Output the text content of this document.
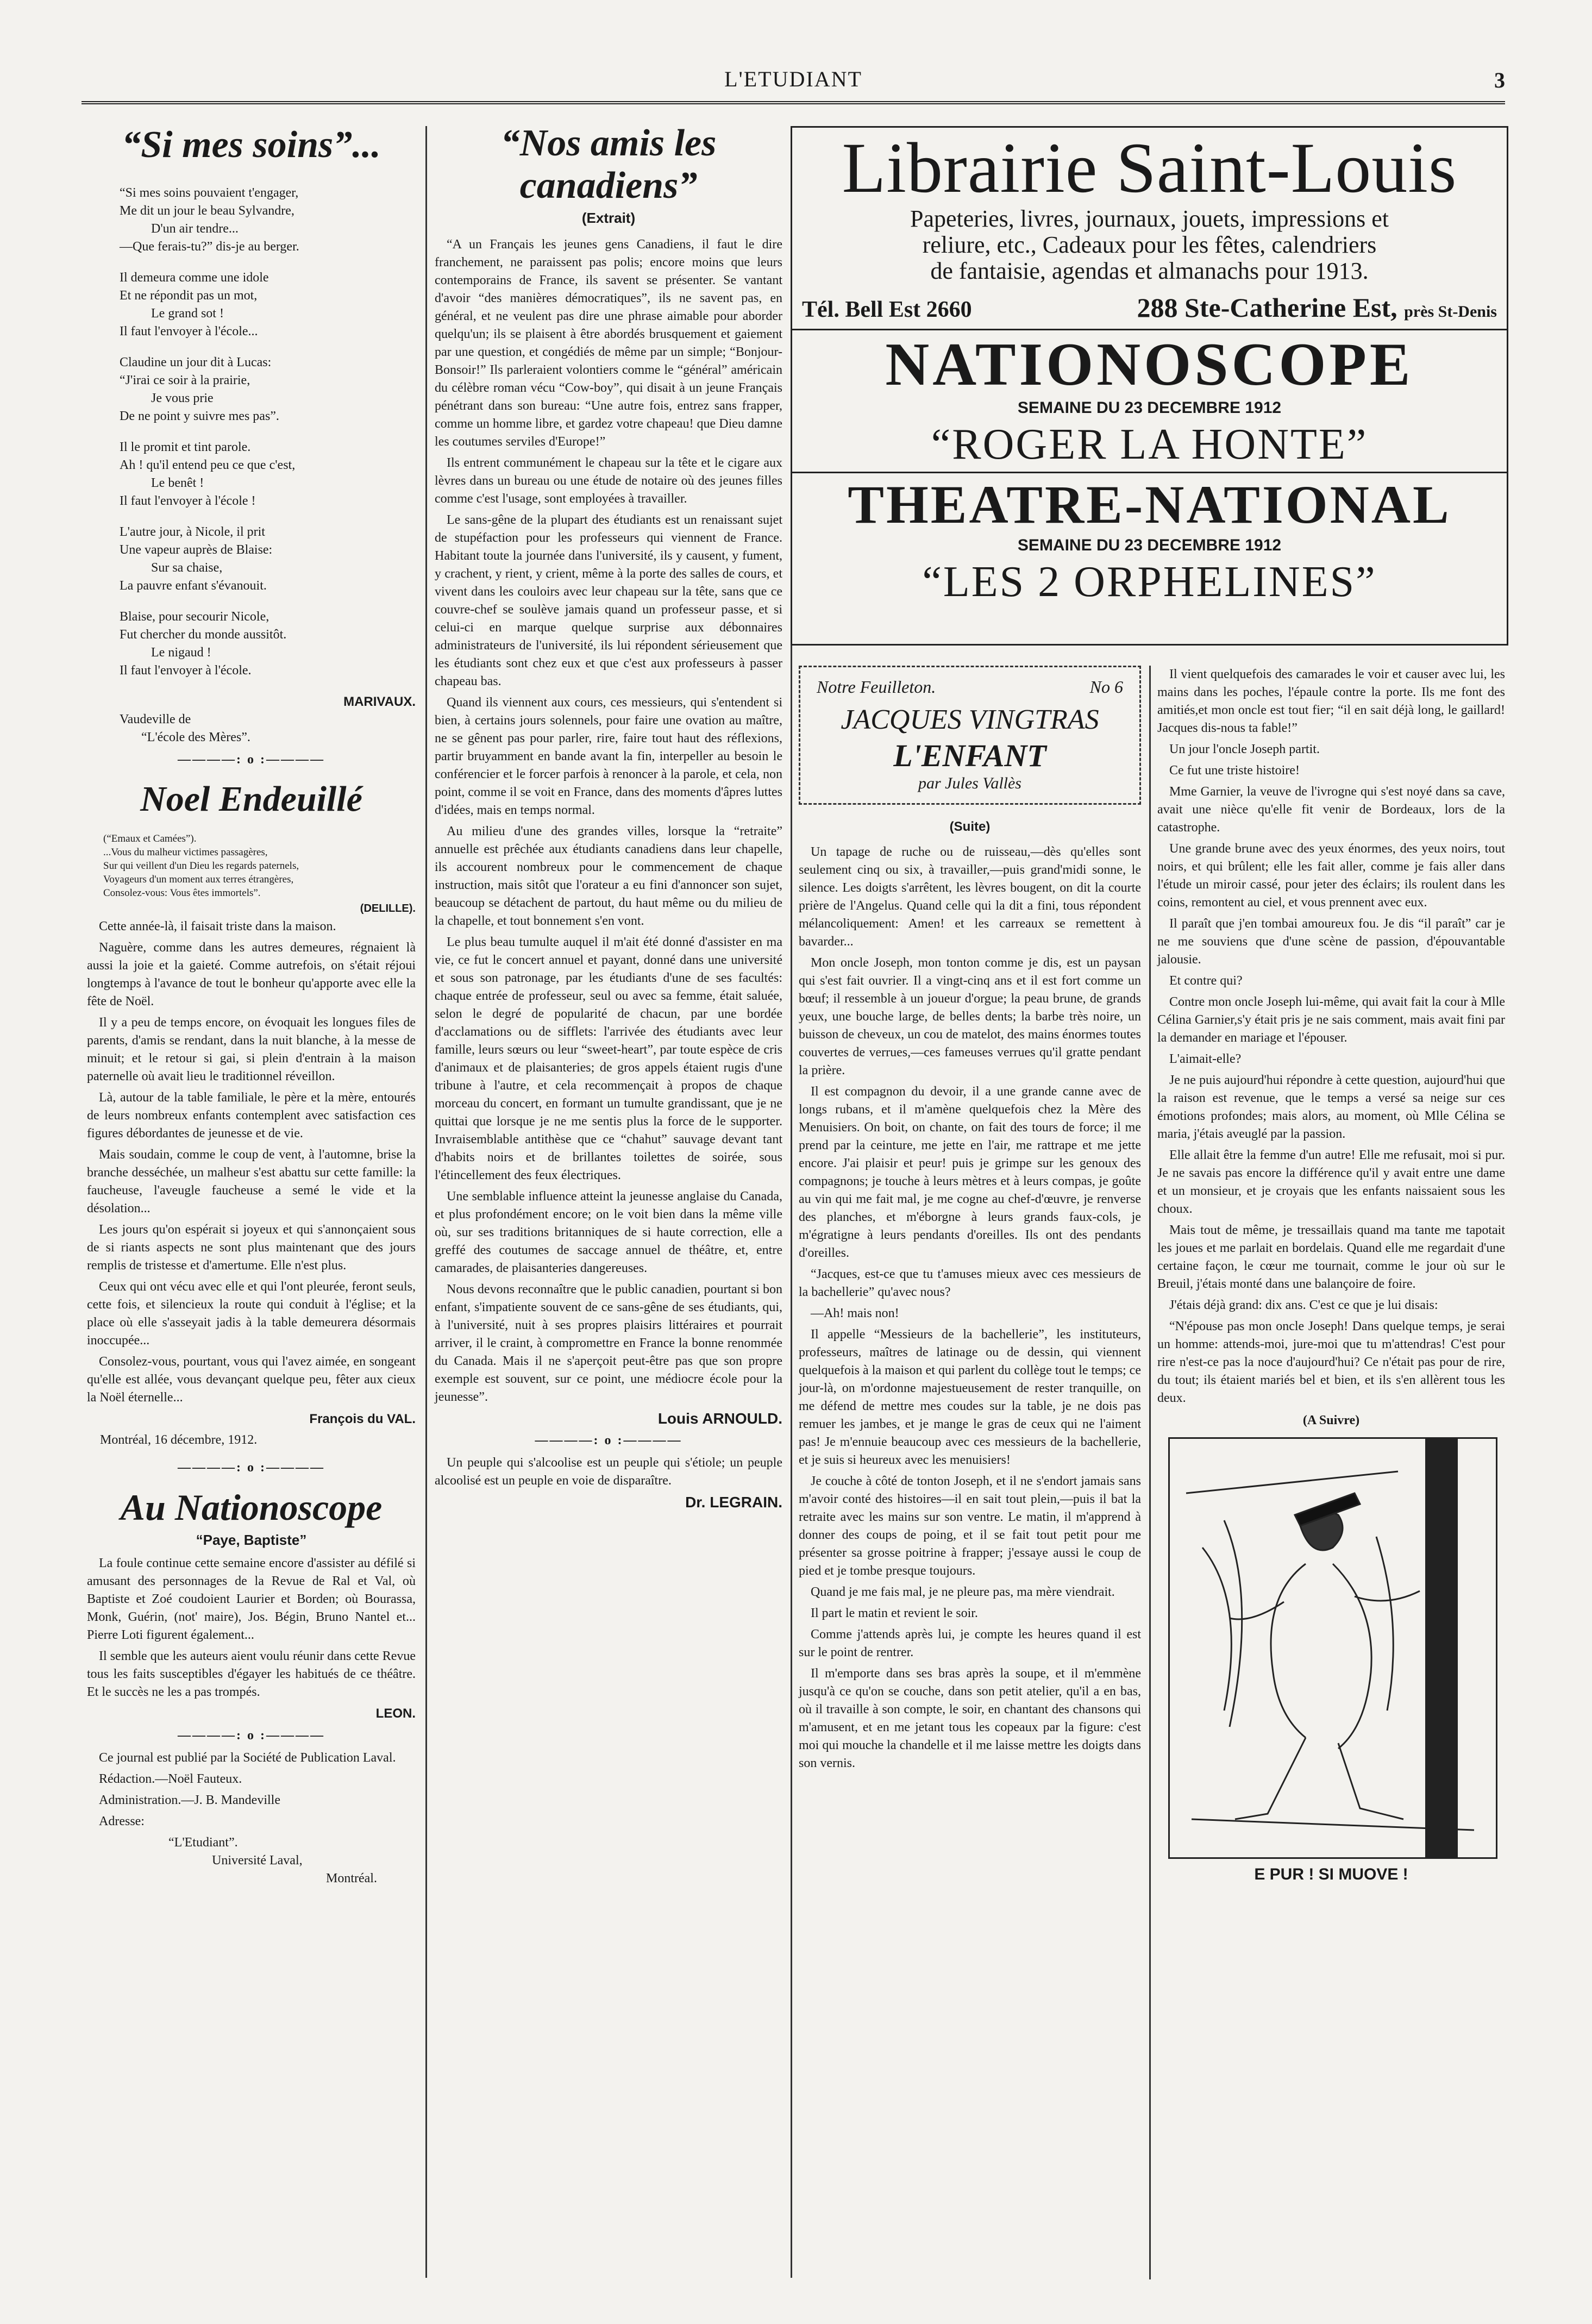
L'ETUDIANT	3
“Si mes soins”...

“Si mes soins pouvaient t'engager,

Me dit un jour le beau Sylvandre,

D'un air tendre...

—Que ferais-tu?” dis-je au berger.

Il demeura comme une idole

Et ne répondit pas un mot,

Le grand sot !

Il faut l'envoyer à l'école...

Claudine un jour dit à Lucas:

“J'irai ce soir à la prairie,

Je vous prie

De ne point y suivre mes pas”.

Il le promit et tint parole.

Ah ! qu'il entend peu ce que c'est,

Le benêt !

Il faut l'envoyer à l'école !

L'autre jour, à Nicole, il prit

Une vapeur auprès de Blaise:

Sur sa chaise,

La pauvre enfant s'évanouit.

Blaise, pour secourir Nicole,

Fut chercher du monde aussitôt.

Le nigaud !

Il faut l'envoyer à l'école.

MARIVAUX.
Vaudeville de
“L'école des Mères”.
————: o :————
Noel Endeuillé
(“Emaux et Camées”).
...Vous du malheur victimes passagères,
Sur qui veillent d'un Dieu les regards paternels,
Voyageurs d'un moment aux terres étrangères,
Consolez-vous: Vous êtes immortels”.
(DELILLE).

Cette année-là, il faisait triste dans la maison.

Naguère, comme dans les autres demeures, régnaient là aussi la joie et la gaieté. Comme autrefois, on s'était réjoui longtemps à l'avance de tout le bonheur qu'apporte avec elle la fête de Noël.

Il y a peu de temps encore, on évoquait les longues files de parents, d'amis se rendant, dans la nuit blanche, à la messe de minuit; et le retour si gai, si plein d'entrain à la maison paternelle où avait lieu le traditionnel réveillon.

Là, autour de la table familiale, le père et la mère, entourés de leurs nombreux enfants contemplent avec satisfaction ces figures débordantes de jeunesse et de vie.

Mais soudain, comme le coup de vent, à l'automne, brise la branche desséchée, un malheur s'est abattu sur cette famille: la faucheuse, l'aveugle faucheuse a semé le vide et la désolation...

Les jours qu'on espérait si joyeux et qui s'annonçaient sous de si riants aspects ne sont plus maintenant que des jours remplis de tristesse et d'amertume. Elle n'est plus.

Ceux qui ont vécu avec elle et qui l'ont pleurée, feront seuls, cette fois, et silencieux la route qui conduit à l'église; et la place où elle s'asseyait jadis à la table demeurera désormais inoccupée...

Consolez-vous, pourtant, vous qui l'avez aimée, en songeant qu'elle est allée, vous devançant quelque peu, fêter aux cieux la Noël éternelle...

François du VAL.
Montréal, 16 décembre, 1912.
————: o :————
Au Nationoscope
“Paye, Baptiste”

La foule continue cette semaine encore d'assister au défilé si amusant des personnages de la Revue de Ral et Val, où Baptiste et Zoé coudoient Laurier et Borden; où Bourassa, Monk, Guérin, (not' maire), Jos. Bégin, Bruno Nantel et... Pierre Loti figurent également...

Il semble que les auteurs aient voulu réunir dans cette Revue tous les faits susceptibles d'égayer les habitués de ce théâtre. Et le succès ne les a pas trompés.

LEON.
————: o :————

Ce journal est publié par la Société de Publication Laval.

Rédaction.—Noël Fauteux.

Administration.—J. B. Mandeville

Adresse:

“L'Etudiant”.
Université Laval,
Montréal.
“Nos amis les canadiens”
(Extrait)

“A un Français les jeunes gens Canadiens, il faut le dire franchement, ne paraissent pas polis; encore moins que leurs contemporains de France, ils savent se présenter. Se vantant d'avoir “des manières démocratiques”, ils ne savent pas, en général, et ne veulent pas dire une phrase aimable pour aborder quelqu'un; ils se plaisent à être abordés brusquement et gaiement par une question, et congédiés de même par un simple; “Bonjour-Bonsoir!” Ils parleraient volontiers comme le “général” américain du célèbre roman vécu “Cow-boy”, qui disait à un jeune Français pénétrant dans son bureau: “Une autre fois, entrez sans frapper, comme un homme libre, et gardez votre chapeau! que Dieu damne les coutumes serviles d'Europe!”

Ils entrent communément le chapeau sur la tête et le cigare aux lèvres dans un bureau ou une étude de notaire où des jeunes filles comme c'est l'usage, sont employées à travailler.

Le sans-gêne de la plupart des étudiants est un renaissant sujet de stupéfaction pour les professeurs qui viennent de France. Habitant toute la journée dans l'université, ils y causent, y fument, y crachent, y rient, y crient, même à la porte des salles de cours, et vivent dans les couloirs avec leur chapeau sur la tête, sans que ce couvre-chef se soulève jamais quand un professeur passe, et si celui-ci en marque quelque surprise aux débonnaires administrateurs de l'université, ils lui répondent sérieusement que les étudiants sont chez eux et que c'est aux professeurs à passer chapeau bas.

Quand ils viennent aux cours, ces messieurs, qui s'entendent si bien, à certains jours solennels, pour faire une ovation au maître, ne se gênent pas pour parler, rire, faire tout haut des réflexions, partir bruyamment en bande avant la fin, interpeller au besoin le conférencier et le forcer parfois à renoncer à la parole, et cela, non point, comme il se voit en France, dans des moments d'âpres luttes d'idées, mais en temps normal.

Au milieu d'une des grandes villes, lorsque la “retraite” annuelle est prêchée aux étudiants canadiens dans leur chapelle, ils accourent nombreux pour le commencement de chaque instruction, mais sitôt que l'orateur a eu fini d'annoncer son sujet, beaucoup se détachent de partout, du haut même ou du milieu de la chapelle, et tout bonnement s'en vont.

Le plus beau tumulte auquel il m'ait été donné d'assister en ma vie, ce fut le concert annuel et payant, donné dans une université et sous son patronage, par les étudiants d'une de ses facultés: chaque entrée de professeur, seul ou avec sa femme, était saluée, selon le degré de popularité de chacun, par une bordée d'acclamations ou de sifflets: l'arrivée des étudiants avec leur famille, leurs sœurs ou leur “sweet-heart”, par toute espèce de cris d'animaux et de plaisanteries; de gros appels étaient rugis d'une tribune à l'autre, et cela recommençait à propos de chaque morceau du concert, en formant un tumulte grandissant, que je ne quittai que lorsque je ne me sentis plus la force de le supporter. Invraisemblable antithèse que ce “chahut” sauvage devant tant d'habits noirs et de brillantes toilettes de soirée, sous l'étincellement des feux électriques.

Une semblable influence atteint la jeunesse anglaise du Canada, et plus profondément encore; on le voit bien dans la même ville où, sur ses traditions britanniques de si haute correction, elle a greffé des coutumes de saccage annuel de théâtre, et, entre camarades, de plaisanteries dangereuses.

Nous devons reconnaître que le public canadien, pourtant si bon enfant, s'impatiente souvent de ce sans-gêne de ses étudiants, qui, à l'université, nuit à ses propres plaisirs littéraires et pourrait arriver, il le craint, à compromettre en France la bonne renommée du Canada. Mais il ne s'aperçoit peut-être pas que son propre exemple est souvent, sur ce point, une médiocre école pour la jeunesse”.

Louis ARNOULD.
————: o :————

Un peuple qui s'alcoolise est un peuple qui s'étiole; un peuple alcoolisé est un peuple en voie de disparaître.

Dr. LEGRAIN.
Librairie Saint-Louis
Papeteries, livres, journaux, jouets, impressions et
reliure, etc., Cadeaux pour les fêtes, calendriers
de fantaisie, agendas et almanachs pour 1913.
Tél. Bell Est 2660	288 Ste-Catherine Est, près St-Denis
NATIONOSCOPE
SEMAINE DU 23 DECEMBRE 1912
“ROGER LA HONTE”
THEATRE-NATIONAL
SEMAINE DU 23 DECEMBRE 1912
“LES 2 ORPHELINES”
Notre Feuilleton.	No 6
JACQUES VINGTRAS
L'ENFANT
par Jules Vallès
(Suite)

Un tapage de ruche ou de ruisseau,—dès qu'elles sont seulement cinq ou six, à travailler,—puis grand'midi sonne, le silence. Les doigts s'arrêtent, les lèvres bougent, on dit la courte prière de l'Angelus. Quand celle qui la dit a fini, tous répondent mélancoliquement: Amen! et les carreaux se remettent à bavarder...

Mon oncle Joseph, mon tonton comme je dis, est un paysan qui s'est fait ouvrier. Il a vingt-cinq ans et il est fort comme un bœuf; il ressemble à un joueur d'orgue; la peau brune, de grands yeux, une bouche large, de belles dents; la barbe très noire, un buisson de cheveux, un cou de matelot, des mains énormes toutes couvertes de verrues,—ces fameuses verrues qu'il gratte pendant la prière.

Il est compagnon du devoir, il a une grande canne avec de longs rubans, et il m'amène quelquefois chez la Mère des Menuisiers. On boit, on chante, on fait des tours de force; il me prend par la ceinture, me jette en l'air, me rattrape et me jette encore. J'ai plaisir et peur! puis je grimpe sur les genoux des compagnons; je touche à leurs mètres et à leurs compas, je goûte au vin qui me fait mal, je me cogne au chef-d'œuvre, je renverse des planches, et m'éborgne à leurs grands faux-cols, je m'égratigne à leurs pendants d'oreilles. Ils ont des pendants d'oreilles.

“Jacques, est-ce que tu t'amuses mieux avec ces messieurs de la bachellerie” qu'avec nous?

—Ah! mais non!

Il appelle “Messieurs de la bachellerie”, les instituteurs, professeurs, maîtres de latinage ou de dessin, qui viennent quelquefois à la maison et qui parlent du collège tout le temps; ce jour-là, on m'ordonne majestueusement de rester tranquille, on me défend de mettre mes coudes sur la table, je ne dois pas remuer les jambes, et je mange le gras de ceux qui ne l'aiment pas! Je m'ennuie beaucoup avec ces messieurs de la bachellerie, et je suis si heureux avec les menuisiers!

Je couche à côté de tonton Joseph, et il ne s'endort jamais sans m'avoir conté des histoires—il en sait tout plein,—puis il bat la retraite avec les mains sur son ventre. Le matin, il m'apprend à donner des coups de poing, et il se fait tout petit pour me présenter sa grosse poitrine à frapper; j'essaye aussi le coup de pied et je tombe presque toujours.

Quand je me fais mal, je ne pleure pas, ma mère viendrait.

Il part le matin et revient le soir.

Comme j'attends après lui, je compte les heures quand il est sur le point de rentrer.

Il m'emporte dans ses bras après la soupe, et il m'emmène jusqu'à ce qu'on se couche, dans son petit atelier, qu'il a en bas, où il travaille à son compte, le soir, en chantant des chansons qui m'amusent, et en me jetant tous les copeaux par la figure: c'est moi qui mouche la chandelle et il me laisse mettre les doigts dans son vernis.

Il vient quelquefois des camarades le voir et causer avec lui, les mains dans les poches, l'épaule contre la porte. Ils me font des amitiés,et mon oncle est tout fier; “il en sait déjà long, le gaillard! Jacques dis-nous ta fable!”

Un jour l'oncle Joseph partit.

Ce fut une triste histoire!

Mme Garnier, la veuve de l'ivrogne qui s'est noyé dans sa cave, avait une nièce qu'elle fit venir de Bordeaux, lors de la catastrophe.

Une grande brune avec des yeux énormes, des yeux noirs, tout noirs, et qui brûlent; elle les fait aller, comme je fais aller dans l'étude un miroir cassé, pour jeter des éclairs; ils roulent dans les coins, remontent au ciel, et vous prennent avec eux.

Il paraît que j'en tombai amoureux fou. Je dis “il paraît” car je ne me souviens que d'une scène de passion, d'épouvantable jalousie.

Et contre qui?

Contre mon oncle Joseph lui-même, qui avait fait la cour à Mlle Célina Garnier,s'y était pris je ne sais comment, mais avait fini par la demander en mariage et l'épouser.

L'aimait-elle?

Je ne puis aujourd'hui répondre à cette question, aujourd'hui que la raison est revenue, que le temps a versé sa neige sur ces émotions profondes; mais alors, au moment, où Mlle Célina se maria, j'étais aveuglé par la passion.

Elle allait être la femme d'un autre! Elle me refusait, moi si pur. Je ne savais pas encore la différence qu'il y avait entre une dame et un monsieur, et je croyais que les enfants naissaient sous les choux.

Mais tout de même, je tressaillais quand ma tante me tapotait les joues et me parlait en bordelais. Quand elle me regardait d'une certaine façon, le cœur me tournait, comme le jour où sur le Breuil, j'étais monté dans une balançoire de foire.

J'étais déjà grand: dix ans. C'est ce que je lui disais:

“N'épouse pas mon oncle Joseph! Dans quelque temps, je serai un homme: attends-moi, jure-moi que tu m'attendras! C'est pour rire n'est-ce pas la noce d'aujourd'hui? Ce n'était pas pour de rire, du tout; ils étaient mariés bel et bien, et ils s'en allèrent tous les deux.

(A Suivre)
E PUR ! SI MUOVE !
